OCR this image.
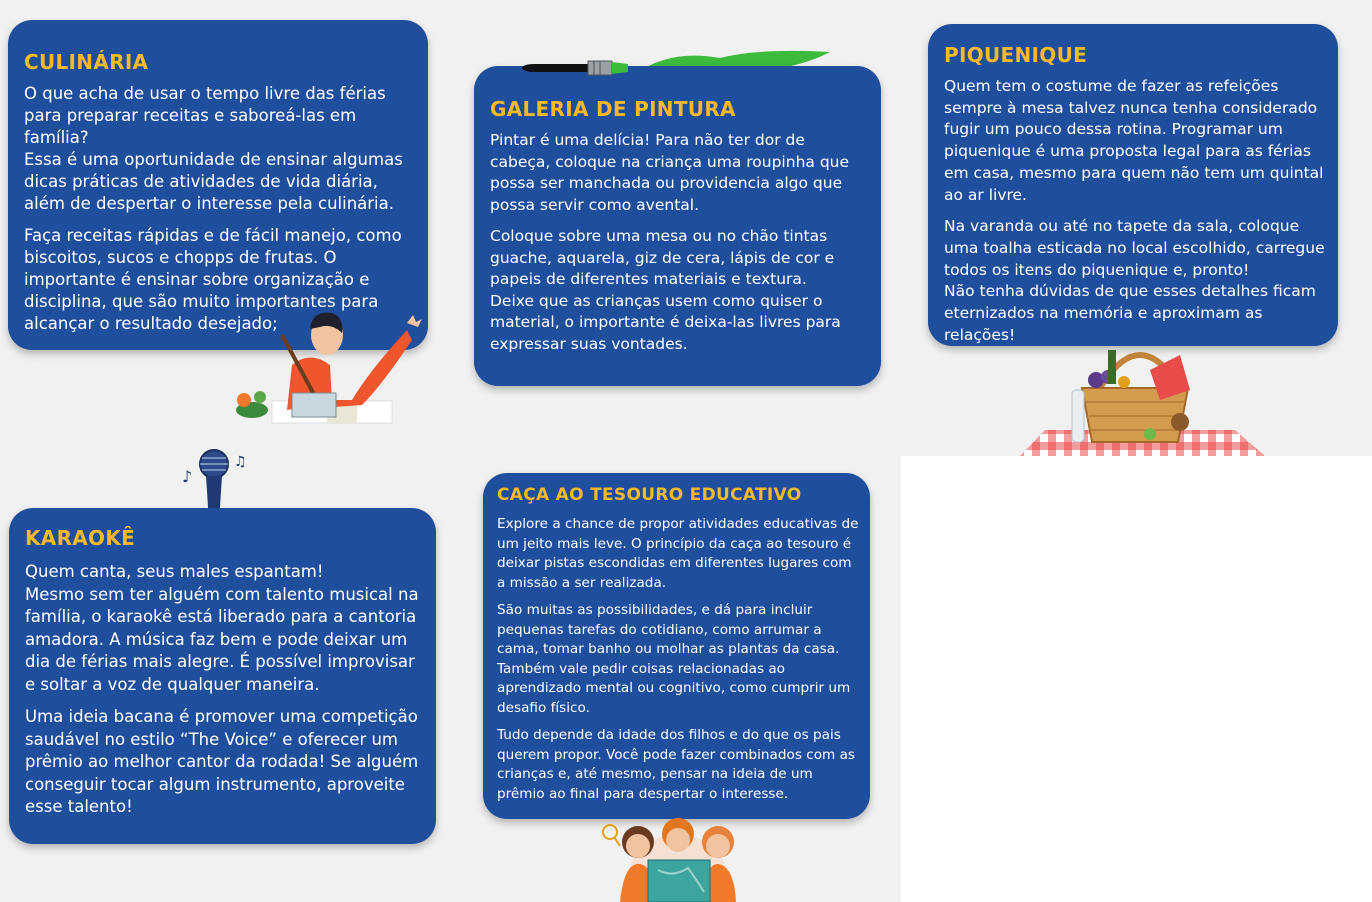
CULINÁRIA

O que acha de usar o tempo livre das férias para preparar receitas e saboreá-las em família?
Essa é uma oportunidade de ensinar algumas dicas práticas de atividades de vida diária, além de despertar o interesse pela culinária.

Faça receitas rápidas e de fácil manejo, como biscoitos, sucos e chopps de frutas. O importante é ensinar sobre organização e disciplina, que são muito importantes para alcançar o resultado desejado;

GALERIA DE PINTURA

Pintar é uma delícia! Para não ter dor de cabeça, coloque na criança uma roupinha que possa ser manchada ou providencia algo que possa servir como avental.

Coloque sobre uma mesa ou no chão tintas guache, aquarela, giz de cera, lápis de cor e papeis de diferentes materiais e textura.
Deixe que as crianças usem como quiser o material, o importante é deixa-las livres para expressar suas vontades.

PIQUENIQUE

Quem tem o costume de fazer as refeições sempre à mesa talvez nunca tenha considerado fugir um pouco dessa rotina. Programar um piquenique é uma proposta legal para as férias em casa, mesmo para quem não tem um quintal ao ar livre.

Na varanda ou até no tapete da sala, coloque uma toalha esticada no local escolhido, carregue todos os itens do piquenique e, pronto!
Não tenha dúvidas de que esses detalhes ficam eternizados na memória e aproximam as relações!

♪
♫
KARAOKÊ

Quem canta, seus males espantam!
Mesmo sem ter alguém com talento musical na família, o karaokê está liberado para a cantoria amadora. A música faz bem e pode deixar um dia de férias mais alegre. É possível improvisar e soltar a voz de qualquer maneira.

Uma ideia bacana é promover uma competição saudável no estilo “The Voice” e oferecer um prêmio ao melhor cantor da rodada! Se alguém conseguir tocar algum instrumento, aproveite esse talento!

CAÇA AO TESOURO EDUCATIVO

Explore a chance de propor atividades educativas de um jeito mais leve. O princípio da caça ao tesouro é deixar pistas escondidas em diferentes lugares com a missão a ser realizada.

São muitas as possibilidades, e dá para incluir pequenas tarefas do cotidiano, como arrumar a cama, tomar banho ou molhar as plantas da casa. Também vale pedir coisas relacionadas ao aprendizado mental ou cognitivo, como cumprir um desafio físico.

Tudo depende da idade dos filhos e do que os pais querem propor. Você pode fazer combinados com as crianças e, até mesmo, pensar na ideia de um prêmio ao final para despertar o interesse.
